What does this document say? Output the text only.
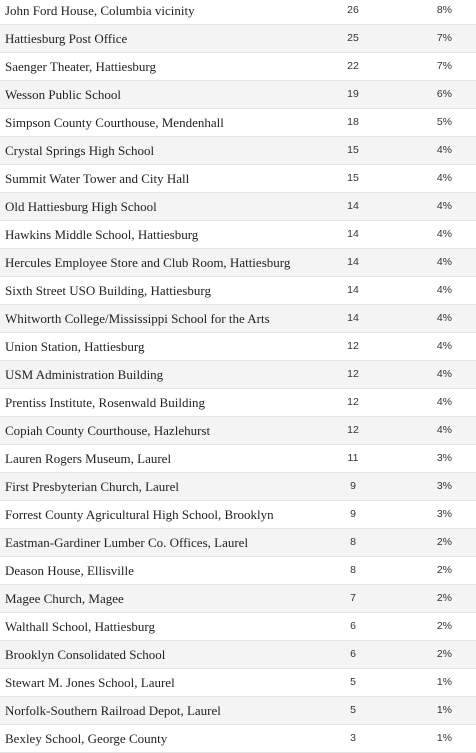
John Ford House, Columbia vicinity	26	8%
Hattiesburg Post Office	25	7%
Saenger Theater, Hattiesburg	22	7%
Wesson Public School	19	6%
Simpson County Courthouse, Mendenhall	18	5%
Crystal Springs High School	15	4%
Summit Water Tower and City Hall	15	4%
Old Hattiesburg High School	14	4%
Hawkins Middle School, Hattiesburg	14	4%
Hercules Employee Store and Club Room, Hattiesburg	14	4%
Sixth Street USO Building, Hattiesburg	14	4%
Whitworth College/Mississippi School for the Arts	14	4%
Union Station, Hattiesburg	12	4%
USM Administration Building	12	4%
Prentiss Institute, Rosenwald Building	12	4%
Copiah County Courthouse, Hazlehurst	12	4%
Lauren Rogers Museum, Laurel	11	3%
First Presbyterian Church, Laurel	9	3%
Forrest County Agricultural High School, Brooklyn	9	3%
Eastman-Gardiner Lumber Co. Offices, Laurel	8	2%
Deason House, Ellisville	8	2%
Magee Church, Magee	7	2%
Walthall School, Hattiesburg	6	2%
Brooklyn Consolidated School	6	2%
Stewart M. Jones School, Laurel	5	1%
Norfolk-Southern Railroad Depot, Laurel	5	1%
Bexley School, George County	3	1%
